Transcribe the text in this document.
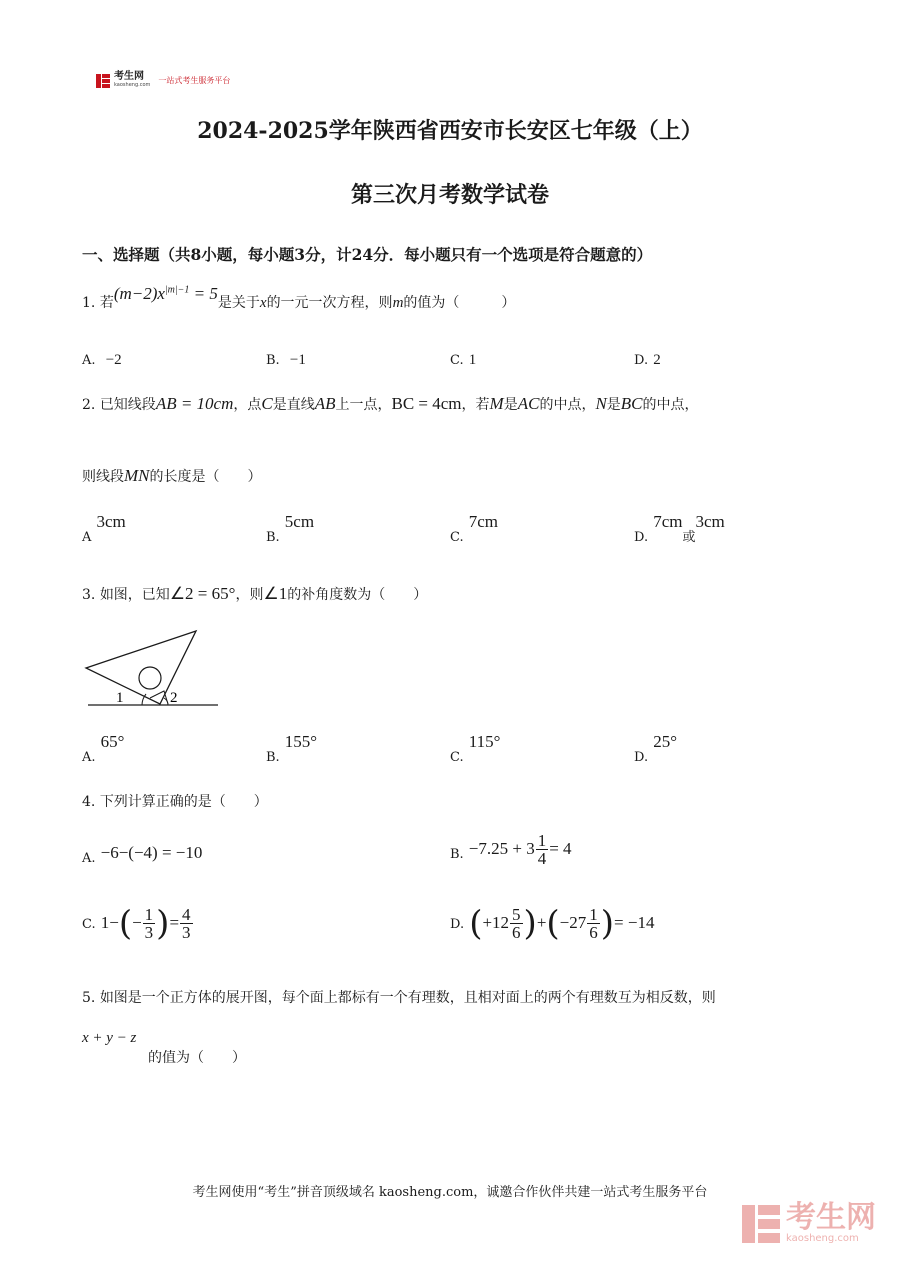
考生网
kaosheng.com
一站式考生服务平台
2024-2025学年陕西省西安市长安区七年级（上）
第三次月考数学试卷
一、选择题（共8小题，每小题3分，计24分．每小题只有一个选项是符合题意的）
1. 若$(m-2)x^{|m|-1} = 5$是关于x的一元一次方程，则m的值为（　　　）
A. −2	B. −1	C. 1	D. 2
2. 已知线段AB = 10cm，点C是直线AB上一点，BC = 4cm，若M是AC的中点，N是BC的中点，
则线段MN的长度是（　　）
$_A$ 3cm
$_{B.}$ 5cm
$_{C.}$ 7cm
$_{D.}$ $7cm_或3cm$
3. 如图，已知∠2 = 65°，则∠1的补角度数为（　　）
1	2
$_{A.}$ 65°
$_{B.}$ 155°
$_{C.}$ 115°
$_{D.}$ 25°
4. 下列计算正确的是（　　）
$_{A.}$ −6−(−4) = −10	$_{B.} -7.25 + 3 \frac{1}{4} = 4$
C. $1-(- \frac{1}{3}$ )= $\frac{4}{3}$	D. $(+12 \frac{5}{6} )+(-27 \frac{1}{6}$ )= −14
5. 如图是一个正方体的展开图，每个面上都标有一个有理数，且相对面上的两个有理数互为相反数，则
x + y − z
的值为（　　）
考生网使用“考生”拼音顶级域名 kaosheng.com，诚邀合作伙伴共建一站式考生服务平台
考生网
kaosheng.com
